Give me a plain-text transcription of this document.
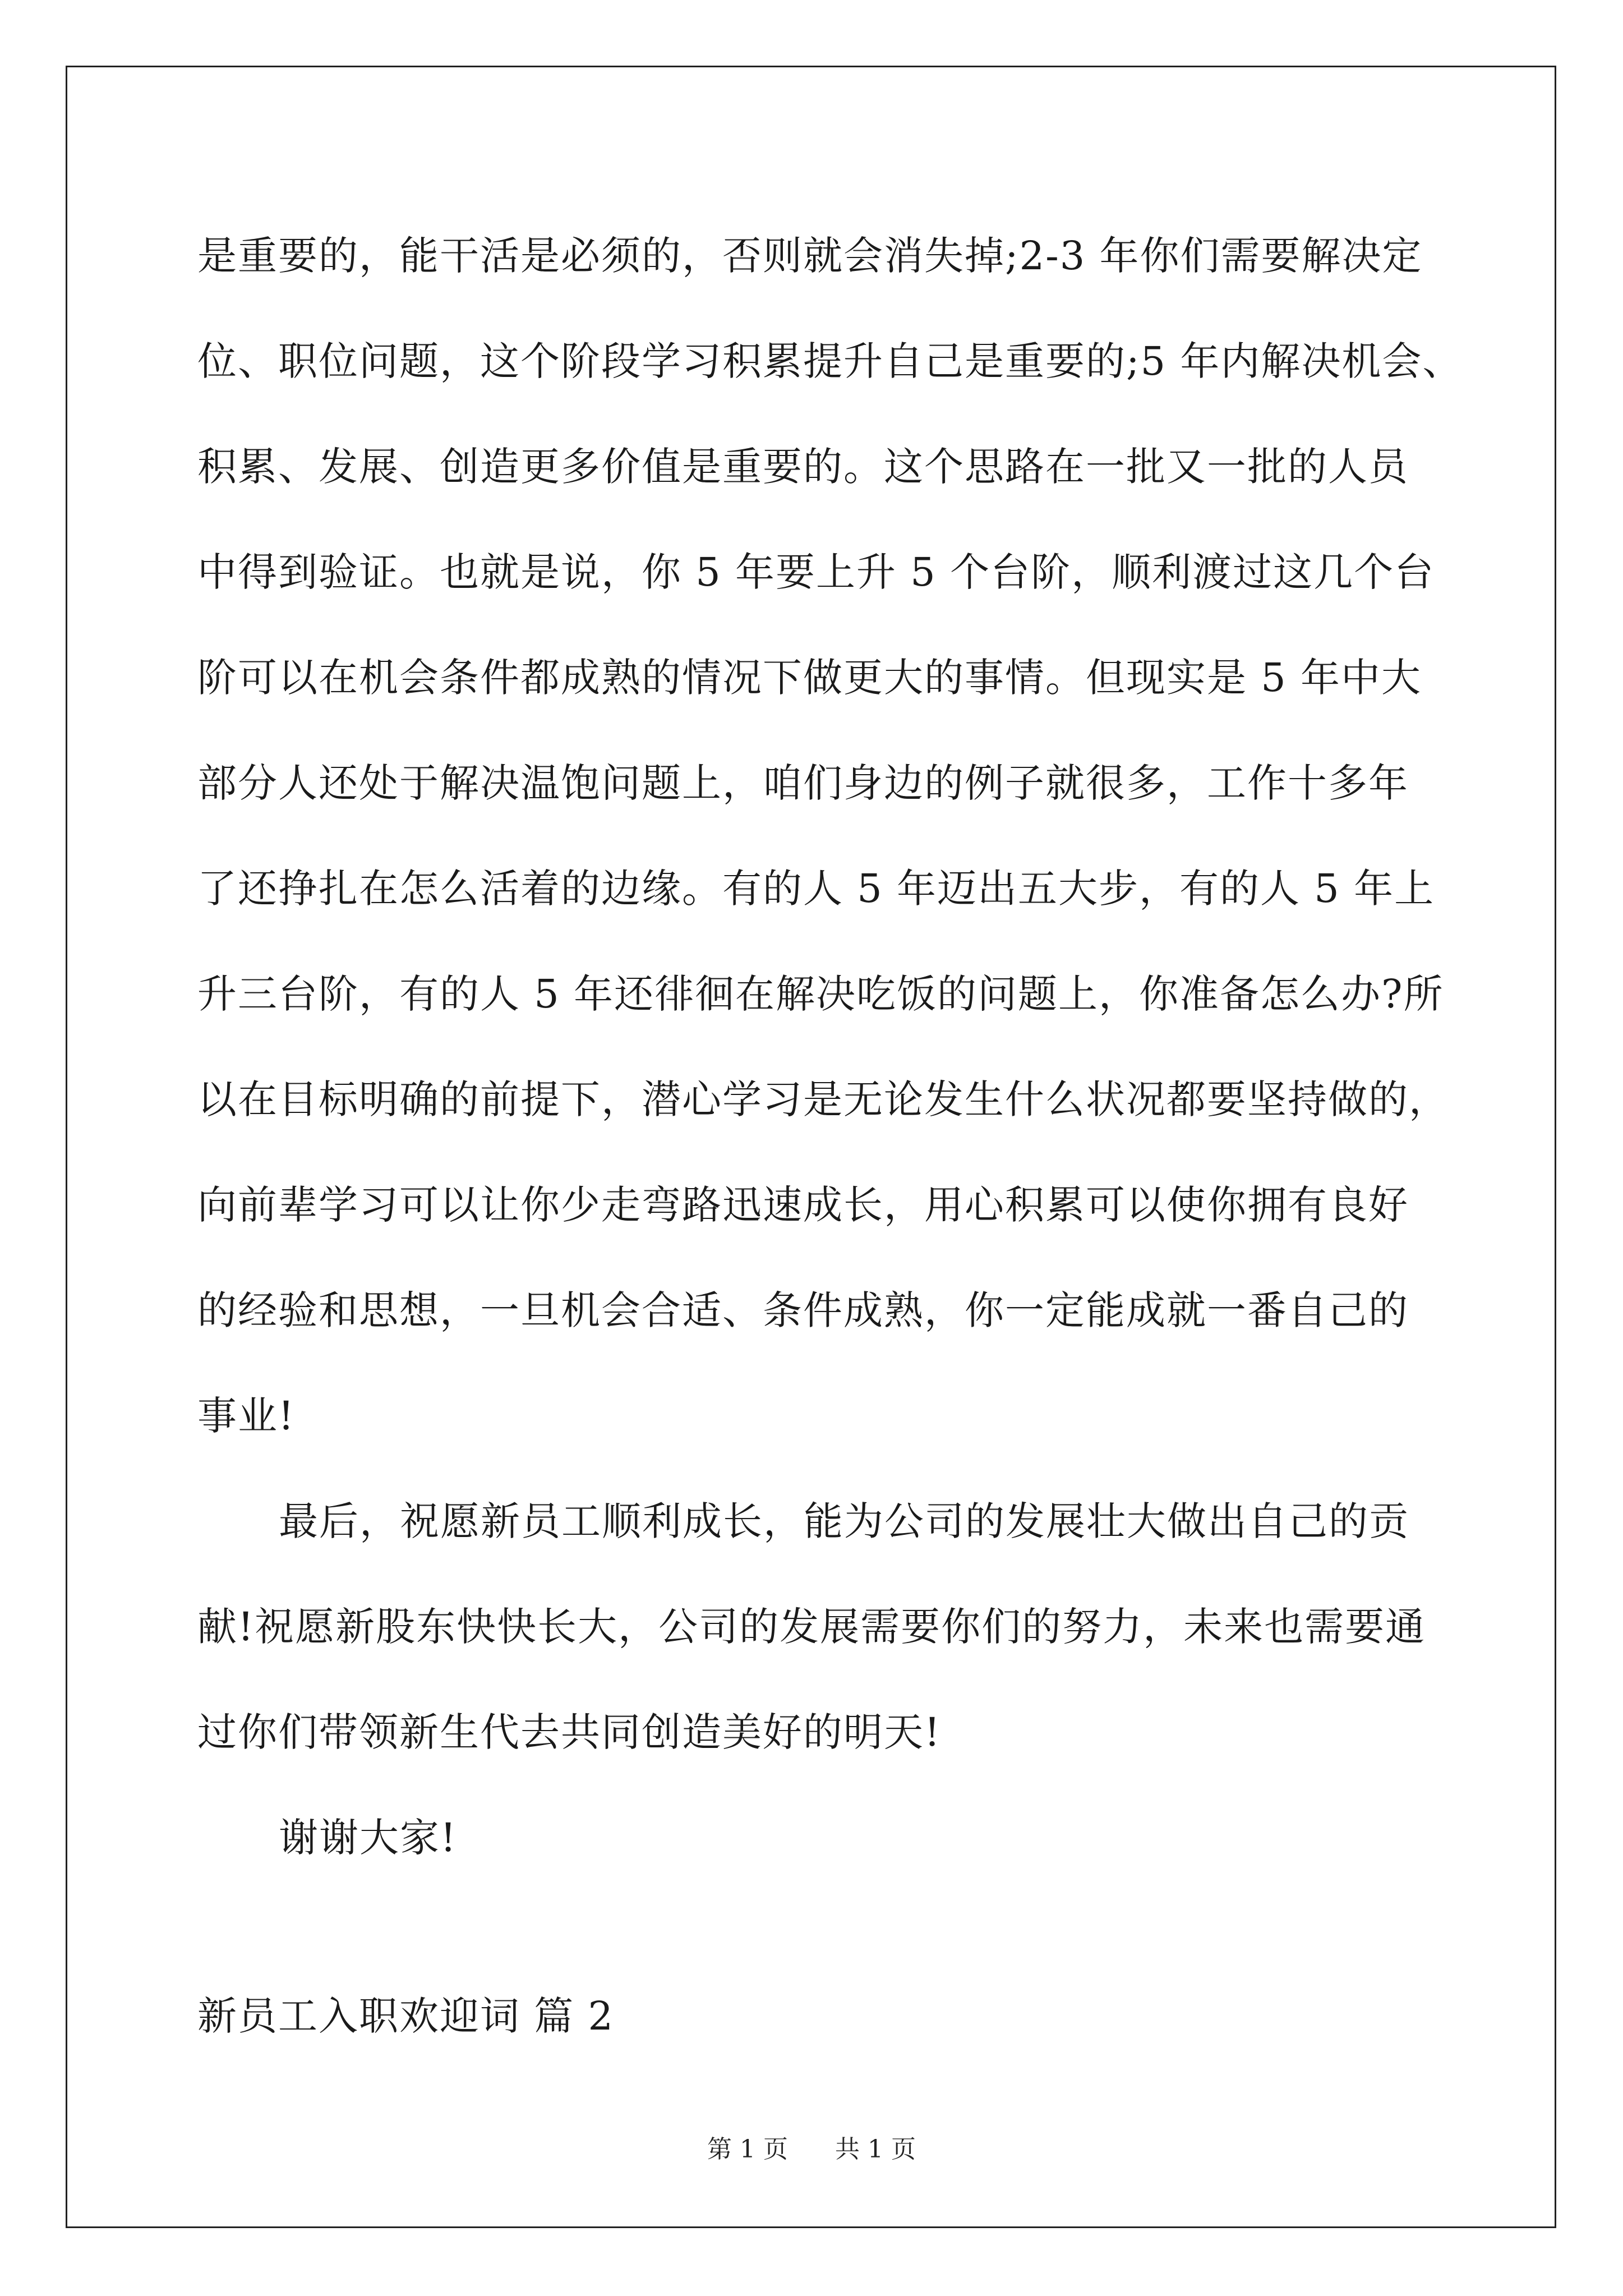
是重要的，能干活是必须的，否则就会消失掉;2-3 年你们需要解决定
位、职位问题，这个阶段学习积累提升自己是重要的;5 年内解决机会、
积累、发展、创造更多价值是重要的。这个思路在一批又一批的人员
中得到验证。也就是说，你 5 年要上升 5 个台阶，顺利渡过这几个台
阶可以在机会条件都成熟的情况下做更大的事情。但现实是 5 年中大
部分人还处于解决温饱问题上，咱们身边的例子就很多，工作十多年
了还挣扎在怎么活着的边缘。有的人 5 年迈出五大步，有的人 5 年上
升三台阶，有的人 5 年还徘徊在解决吃饭的问题上，你准备怎么办?所
以在目标明确的前提下，潜心学习是无论发生什么状况都要坚持做的，
向前辈学习可以让你少走弯路迅速成长，用心积累可以使你拥有良好
的经验和思想，一旦机会合适、条件成熟，你一定能成就一番自己的
事业!
最后，祝愿新员工顺利成长，能为公司的发展壮大做出自己的贡
献!祝愿新股东快快长大，公司的发展需要你们的努力，未来也需要通
过你们带领新生代去共同创造美好的明天!
谢谢大家!
新员工入职欢迎词 篇 2
第 1 页 共 1 页
